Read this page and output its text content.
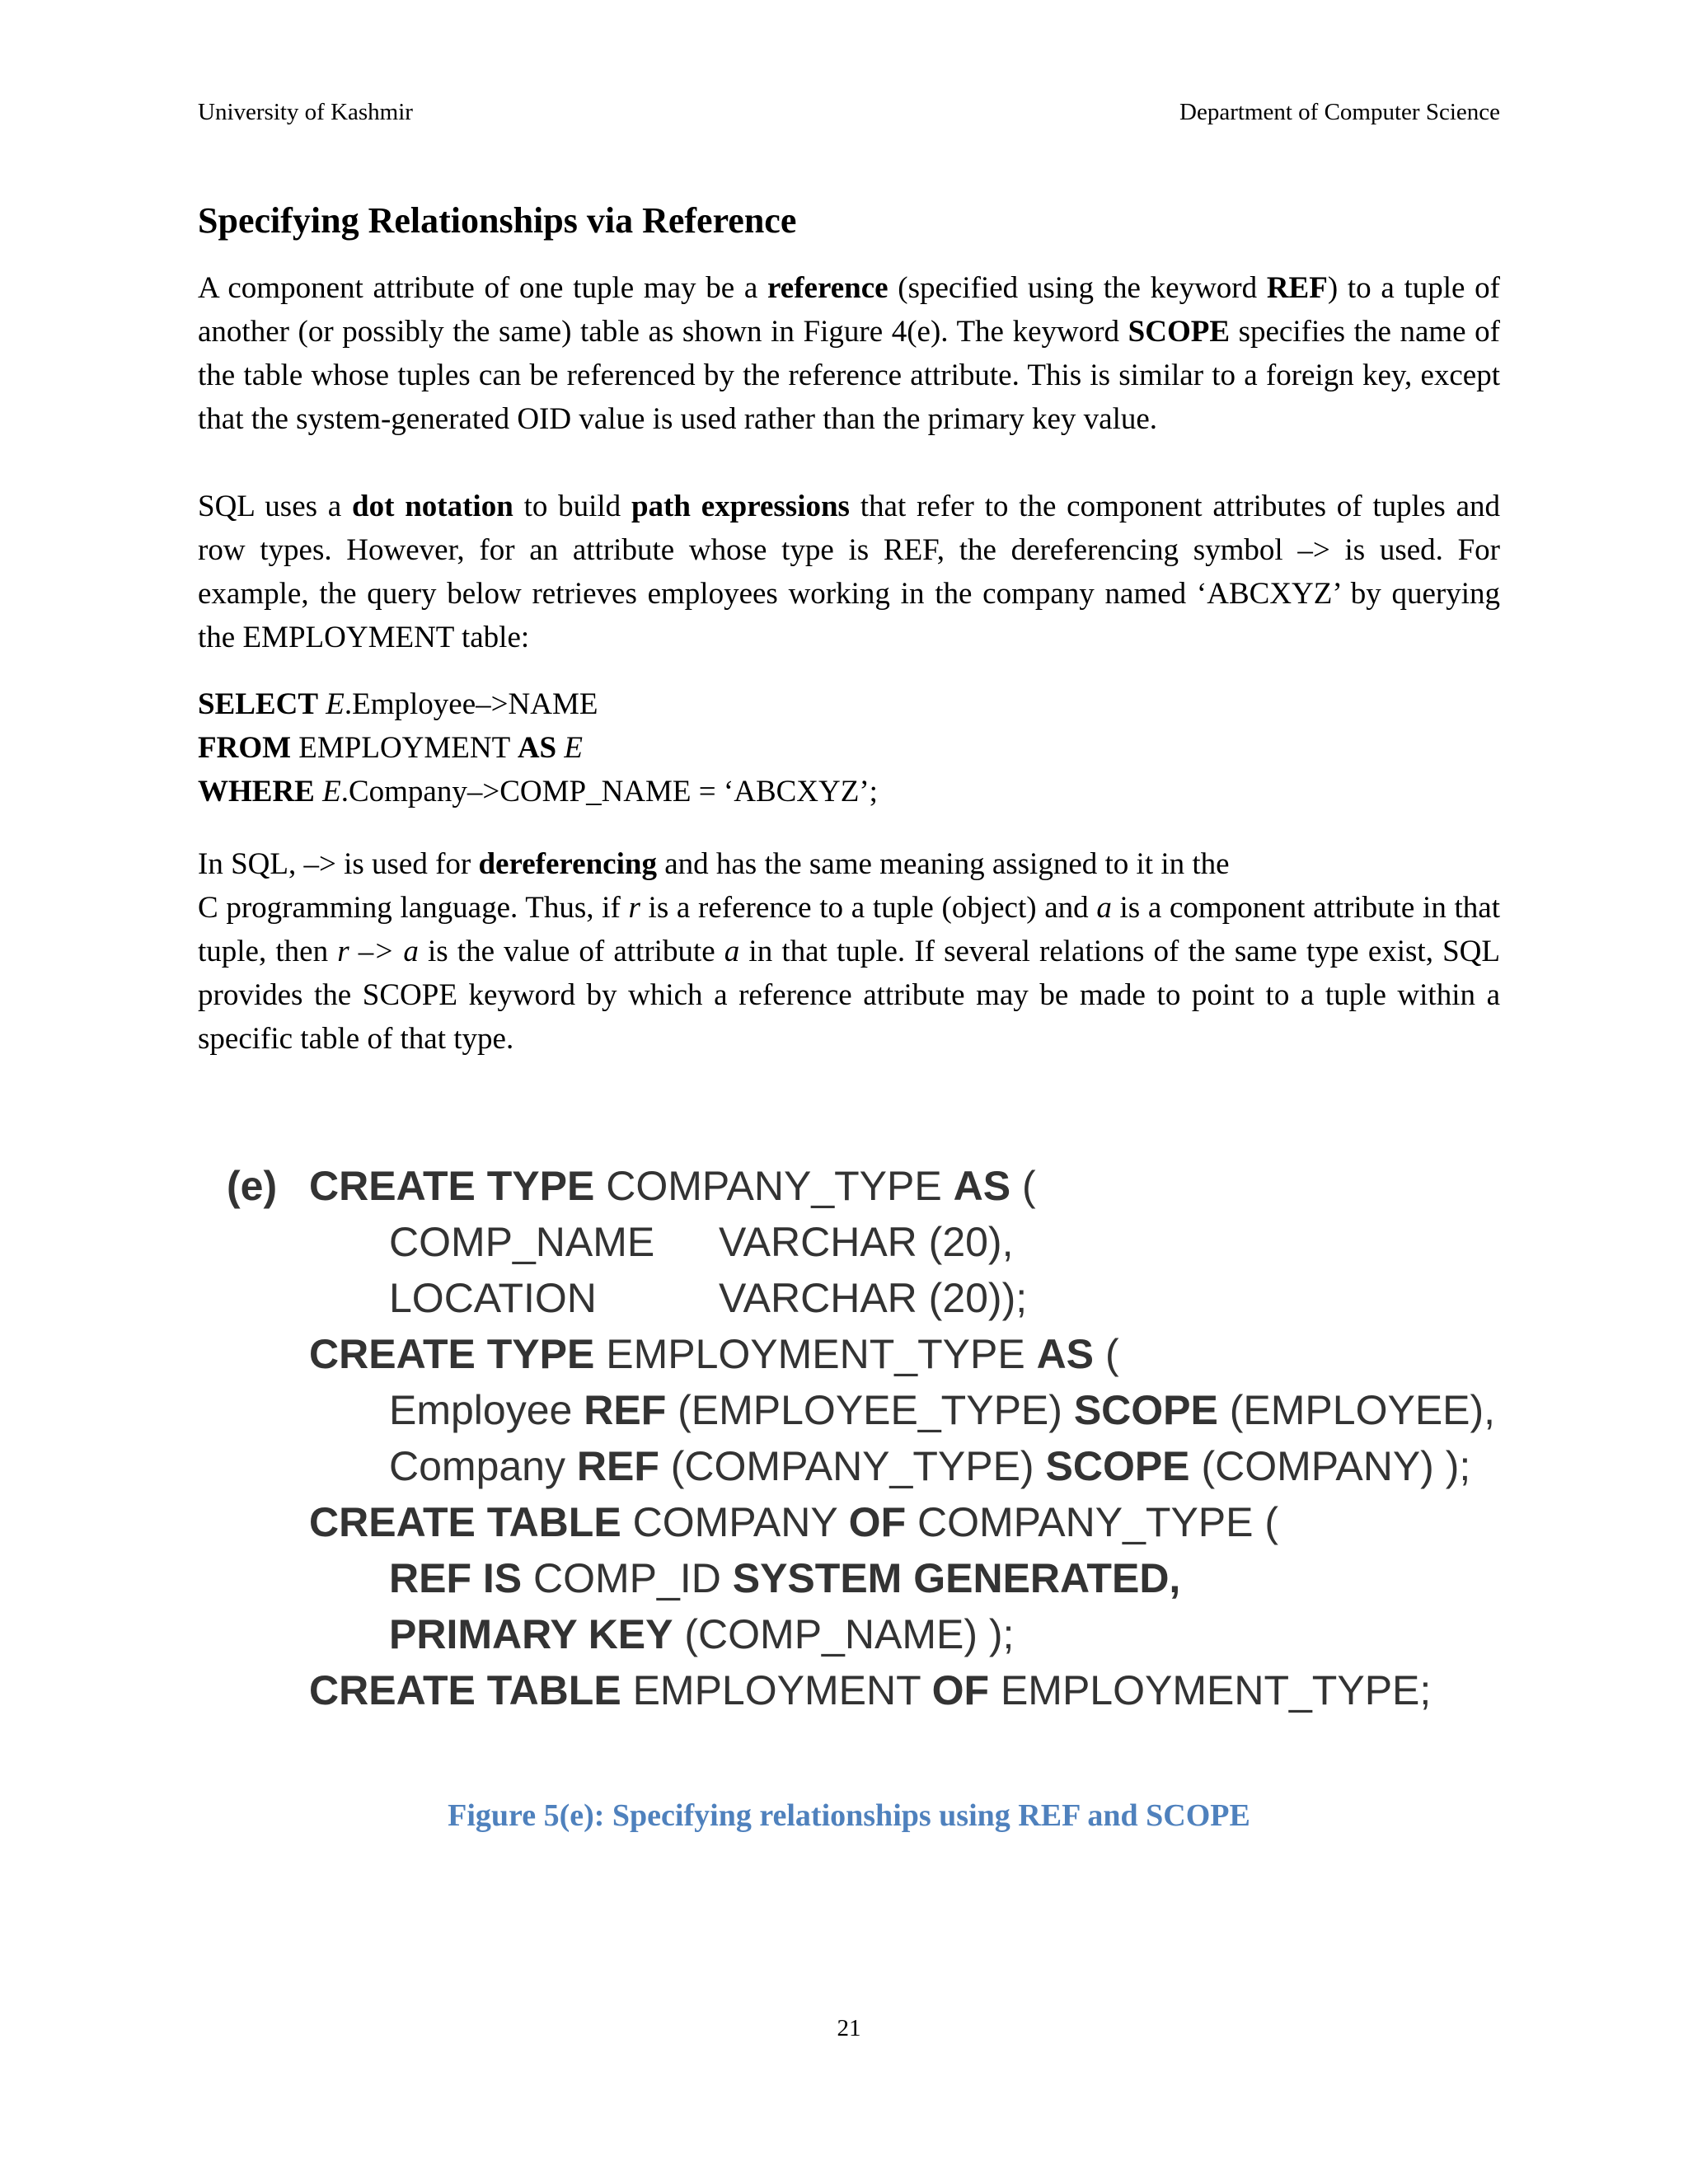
University of Kashmir	Department of Computer Science
Specifying Relationships via Reference

A component attribute of one tuple may be a reference (specified using the keyword REF) to a tuple of another (or possibly the same) table as shown in Figure 4(e). The keyword SCOPE specifies the name of the table whose tuples can be referenced by the reference attribute. This is similar to a foreign key, except that the system-generated OID value is used rather than the primary key value.

SQL uses a dot notation to build path expressions that refer to the component attributes of tuples and row types. However, for an attribute whose type is REF, the dereferencing symbol –> is used. For example, the query below retrieves employees working in the company named ‘ABCXYZ’ by querying the EMPLOYMENT table:

SELECT E.Employee–>NAME
FROM EMPLOYMENT AS E
WHERE E.Company–>COMP_NAME = ‘ABCXYZ’;
In SQL, –> is used for dereferencing and has the same meaning assigned to it in the

C programming language. Thus, if r is a reference to a tuple (object) and a is a component attribute in that tuple, then r –> a is the value of attribute a in that tuple. If several relations of the same type exist, SQL provides the SCOPE keyword by which a reference attribute may be made to point to a tuple within a specific table of that type.

(e) CREATE TYPE COMPANY_TYPE AS (
COMP_NAME VARCHAR (20),
LOCATION	VARCHAR (20));
CREATE TYPE EMPLOYMENT_TYPE AS (
Employee REF (EMPLOYEE_TYPE) SCOPE (EMPLOYEE),
Company REF (COMPANY_TYPE) SCOPE (COMPANY) );
CREATE TABLE COMPANY OF COMPANY_TYPE (
REF IS COMP_ID SYSTEM GENERATED,
PRIMARY KEY (COMP_NAME) );
CREATE TABLE EMPLOYMENT OF EMPLOYMENT_TYPE;
Figure 5(e): Specifying relationships using REF and SCOPE
21
